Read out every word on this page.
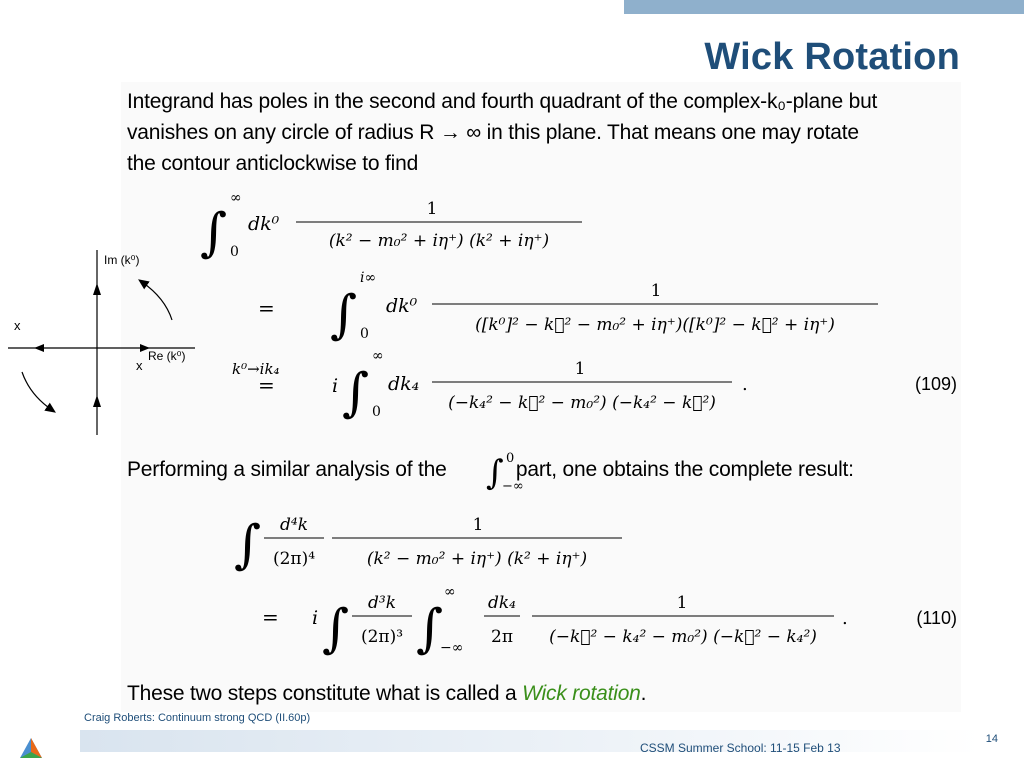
Wick Rotation
Integrand has poles in the second and fourth quadrant of the complex-k₀-plane but
vanishes on any circle of radius R → ∞ in this plane. That means one may rotate
the contour anticlockwise to find
Im (k⁰)
Re (k⁰)
x
x
∫
∞
0
dk⁰
1
(k² − m₀² + iη⁺) (k² + iη⁺)
= ∫
i∞
0
dk⁰
1
([k⁰]² − k⃗² − m₀² + iη⁺)([k⁰]² − k⃗² + iη⁺)
k⁰→ik₄
=	i ∫
∞
0
dk₄
1
(−k₄² − k⃗² − m₀²) (−k₄² − k⃗²)
.	(109)
Performing a similar analysis of the	part, one obtains the complete result:
∫ 0
−∞
∫ d⁴k
(2π)⁴
1
(k² − m₀² + iη⁺) (k² + iη⁺)
= i ∫ d³k
(2π)³ ∫
∞
−∞
dk₄
2π
1
(−k⃗² − k₄² − m₀²) (−k⃗² − k₄²)
.	(110)
These two steps constitute what is called a Wick rotation.
Craig Roberts: Continuum strong QCD (II.60p)
CSSM Summer School: 11-15 Feb 13
14
